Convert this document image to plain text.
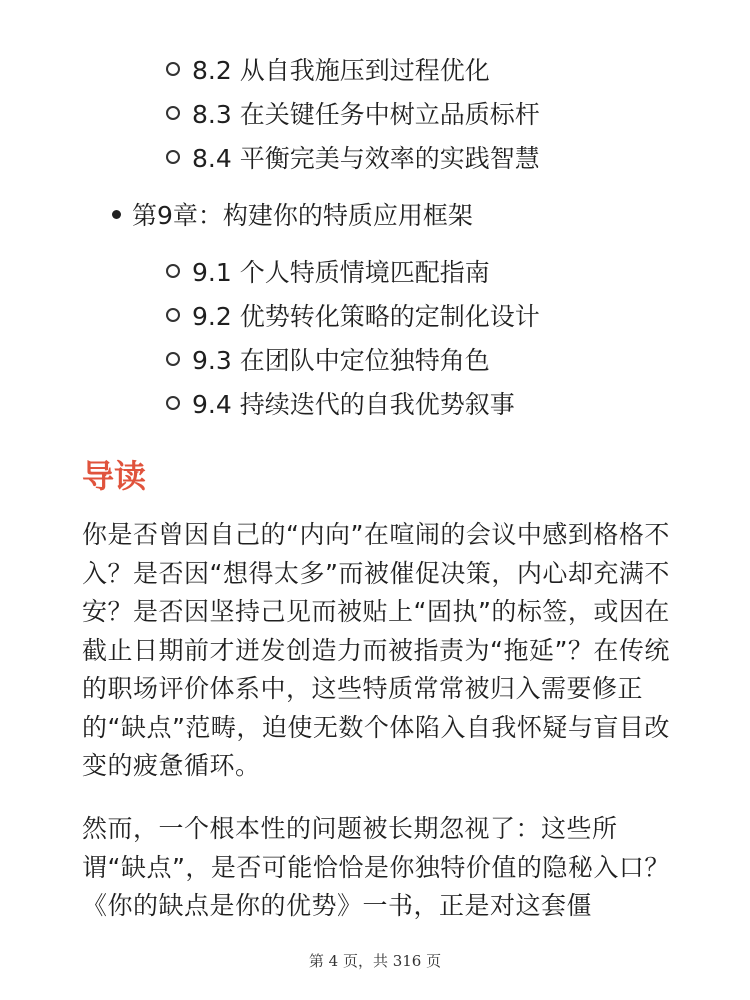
8.2 从自我施压到过程优化
8.3 在关键任务中树立品质标杆
8.4 平衡完美与效率的实践智慧
第9章：构建你的特质应用框架
9.1 个人特质情境匹配指南
9.2 优势转化策略的定制化设计
9.3 在团队中定位独特角色
9.4 持续迭代的自我优势叙事
导读
你是否曾因自己的“内向”在喧闹的会议中感到格格不入？是否因“想得太多”而被催促决策，内心却充满不安？是否因坚持己见而被贴上“固执”的标签，或因在截止日期前才迸发创造力而被指责为“拖延”？在传统的职场评价体系中，这些特质常常被归入需要修正的“缺点”范畴，迫使无数个体陷入自我怀疑与盲目改变的疲惫循环。
然而，一个根本性的问题被长期忽视了：这些所谓“缺点”，是否可能恰恰是你独特价值的隐秘入口？《你的缺点是你的优势》一书，正是对这套僵
第 4 页，共 316 页
